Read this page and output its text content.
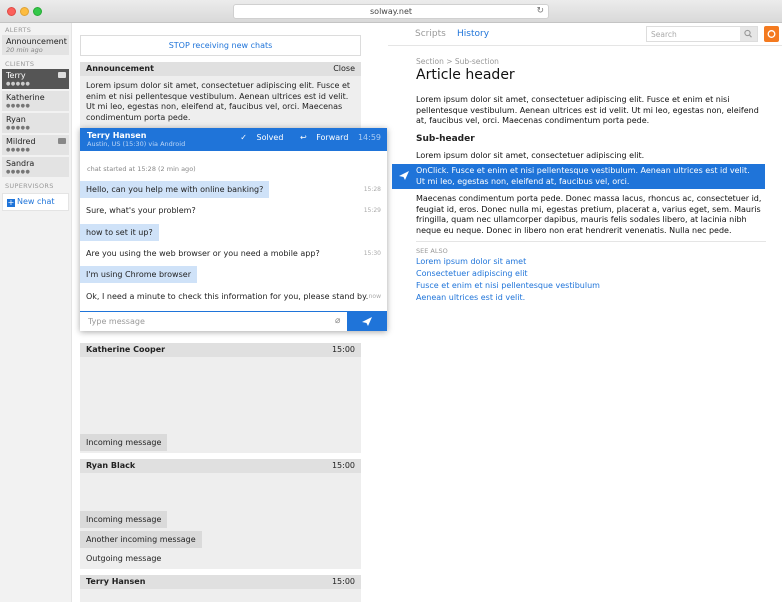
solway.net	↻
ALERTS
Announcement
20 min ago
CLIENTS
Terry
●●●●●
Katherine
●●●●●
Ryan
●●●●●
Mildred
●●●●●
Sandra
●●●●●
SUPERVISORS
+ New chat
STOP receiving new chats
Announcement	Close
Lorem ipsum dolor sit amet, consectetuer adipiscing elit. Fusce et enim et nisi pellentesque vestibulum. Aenean ultrices est id velit. Ut mi leo, egestas non, eleifend at, faucibus vel, orci. Maecenas condimentum porta pede.
Terry Hansen
Austin, US (15:30) via Android
✓ Solved ↩ Forward 14:59
chat started at 15:28 (2 min ago)
Hello, can you help me with online banking?	15:28
Sure, what's your problem?	15:29
how to set it up?
Are you using the web browser or you need a mobile app?	15:30
I'm using Chrome browser
Ok, I need a minute to check this information for you, please stand by. now
Type message
⌀
Katherine Cooper	15:00
Incoming message
Ryan Black	15:00
Incoming message
Another incoming message
Outgoing message
Terry Hansen	15:00
Scripts History
Search
Section > Sub-section
Article header
Lorem ipsum dolor sit amet, consectetuer adipiscing elit. Fusce et enim et nisi pellentesque vestibulum. Aenean ultrices est id velit. Ut mi leo, egestas non, eleifend at, faucibus vel, orci. Maecenas condimentum porta pede.
Sub-header
Lorem ipsum dolor sit amet, consectetuer adipiscing elit.
OnClick. Fusce et enim et nisi pellentesque vestibulum. Aenean ultrices est id velit. Ut mi leo, egestas non, eleifend at, faucibus vel, orci.
Maecenas condimentum porta pede. Donec massa lacus, rhoncus ac, consectetuer id, feugiat id, eros. Donec nulla mi, egestas pretium, placerat a, varius eget, sem. Mauris fringilla, quam nec ullamcorper dapibus, mauris felis sodales libero, at lacinia nibh neque eu neque. Donec in libero non erat hendrerit venenatis. Nulla nec pede.
SEE ALSO
Lorem ipsum dolor sit amet
Consectetuer adipiscing elit
Fusce et enim et nisi pellentesque vestibulum
Aenean ultrices est id velit.
